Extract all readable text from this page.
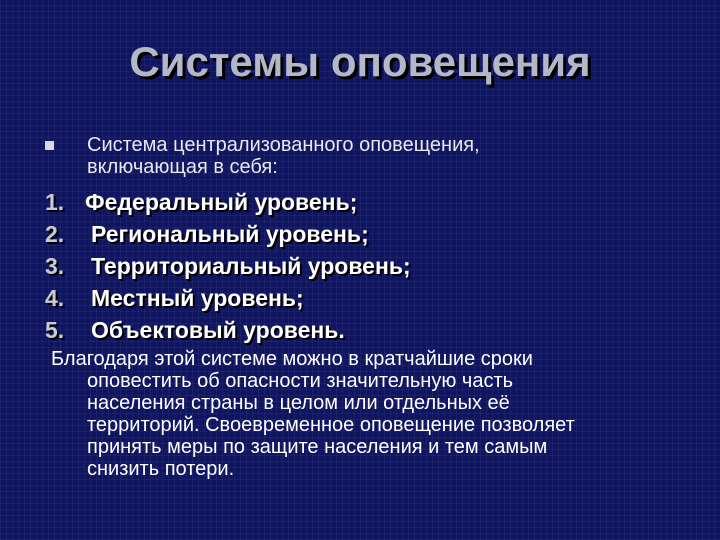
Системы оповещения
Система централизованного оповещения,
включающая в себя:
1. Федеральный уровень;
2.	Региональный уровень;
3.	Территориальный уровень;
4.	Местный уровень;
5.	Объектовый уровень.
Благодаря этой системе можно в кратчайшие сроки
оповестить об опасности значительную часть
населения страны в целом или отдельных её
территорий. Своевременное оповещение позволяет
принять меры по защите населения и тем самым
снизить потери.
